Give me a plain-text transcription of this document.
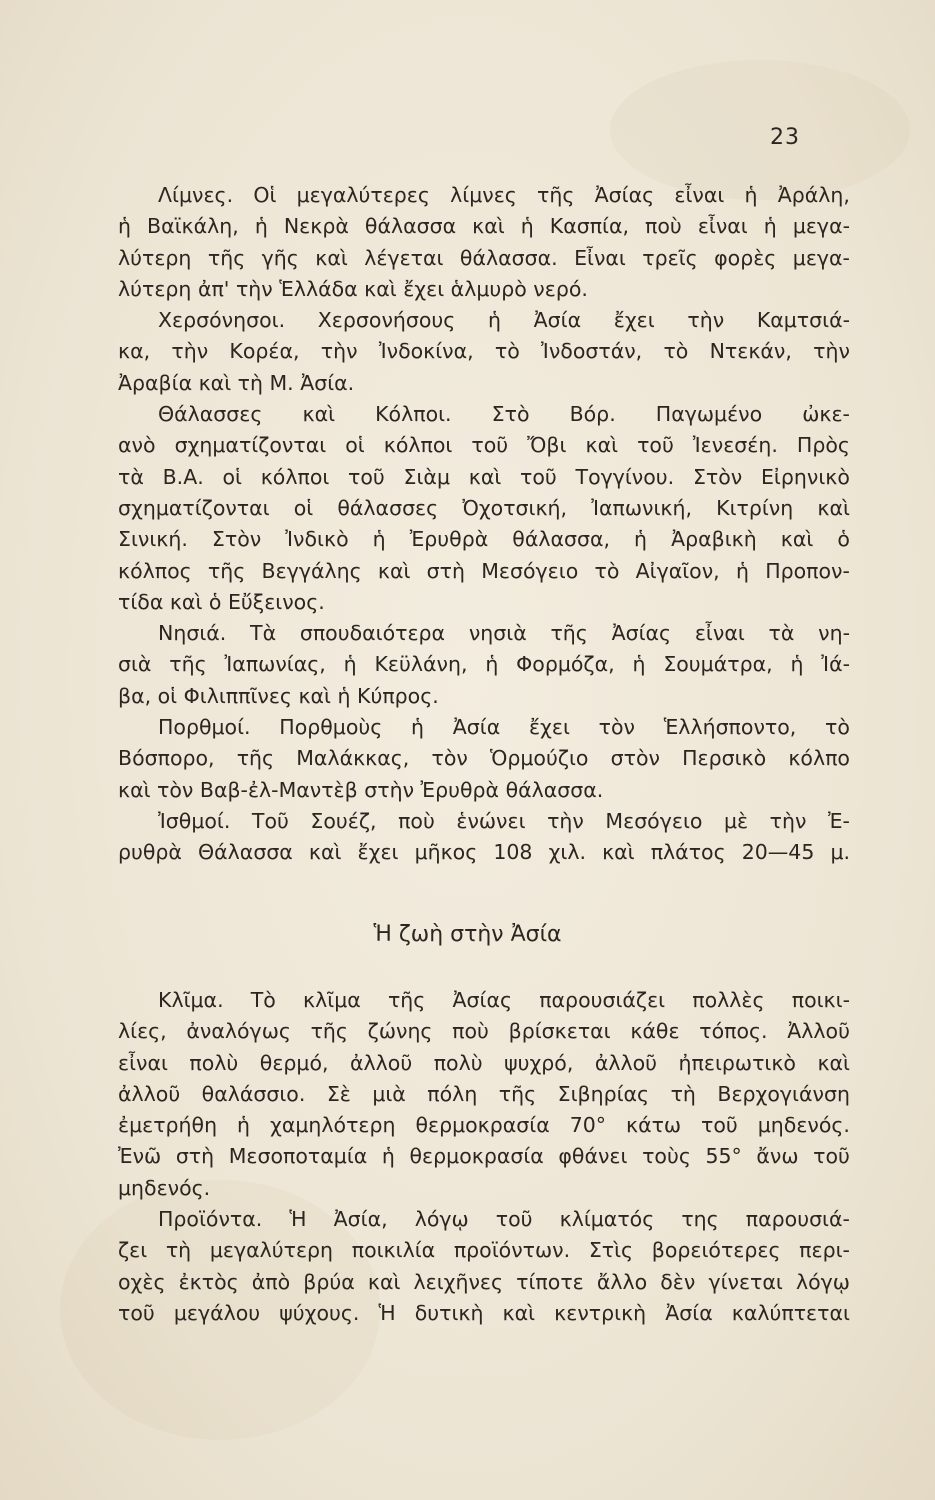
23
Λίμνες. Οἱ μεγαλύτερες λίμνες τῆς Ἀσίας εἶναι ἡ Ἀράλη,
ἡ Βαϊκάλη, ἡ Νεκρὰ θάλασσα καὶ ἡ Κασπία, ποὺ εἶναι ἡ μεγα-
λύτερη τῆς γῆς καὶ λέγεται θάλασσα. Εἶναι τρεῖς φορὲς μεγα-
λύτερη ἀπ' τὴν Ἑλλάδα καὶ ἔχει ἁλμυρὸ νερό.
Χερσόνησοι. Χερσονήσους ἡ Ἀσία ἔχει τὴν Καμτσιά-
κα, τὴν Κορέα, τὴν Ἰνδοκίνα, τὸ Ἰνδοστάν, τὸ Ντεκάν, τὴν
Ἀραβία καὶ τὴ Μ. Ἀσία.
Θάλασσες καὶ Κόλποι. Στὸ Βόρ. Παγωμένο ὠκε-
ανὸ σχηματίζονται οἱ κόλποι τοῦ Ὄβι καὶ τοῦ Ἰενεσέη. Πρὸς
τὰ Β.Α. οἱ κόλποι τοῦ Σιὰμ καὶ τοῦ Τογγίνου. Στὸν Εἰρηνικὸ
σχηματίζονται οἱ θάλασσες Ὀχοτσική, Ἰαπωνική, Κιτρίνη καὶ
Σινική. Στὸν Ἰνδικὸ ἡ Ἐρυθρὰ θάλασσα, ἡ Ἀραβικὴ καὶ ὁ
κόλπος τῆς Βεγγάλης καὶ στὴ Μεσόγειο τὸ Αἰγαῖον, ἡ Προπον-
τίδα καὶ ὁ Εὔξεινος.
Νησιά. Τὰ σπουδαιότερα νησιὰ τῆς Ἀσίας εἶναι τὰ νη-
σιὰ τῆς Ἰαπωνίας, ἡ Κεϋλάνη, ἡ Φορμόζα, ἡ Σουμάτρα, ἡ Ἰά-
βα, οἱ Φιλιππῖνες καὶ ἡ Κύπρος.
Πορθμοί. Πορθμοὺς ἡ Ἀσία ἔχει τὸν Ἑλλήσποντο, τὸ
Βόσπορο, τῆς Μαλάκκας, τὸν Ὁρμούζιο στὸν Περσικὸ κόλπο
καὶ τὸν Βαβ-ἐλ-Μαντὲβ στὴν Ἐρυθρὰ θάλασσα.
Ἰσθμοί. Τοῦ Σουέζ, ποὺ ἑνώνει τὴν Μεσόγειο μὲ τὴν Ἐ-
ρυθρὰ Θάλασσα καὶ ἔχει μῆκος 108 χιλ. καὶ πλάτος 20—45 μ.
Ἡ ζωὴ στὴν Ἀσία
Κλῖμα. Τὸ κλῖμα τῆς Ἀσίας παρουσιάζει πολλὲς ποικι-
λίες, ἀναλόγως τῆς ζώνης ποὺ βρίσκεται κάθε τόπος. Ἀλλοῦ
εἶναι πολὺ θερμό, ἀλλοῦ πολὺ ψυχρό, ἀλλοῦ ἠπειρωτικὸ καὶ
ἀλλοῦ θαλάσσιο. Σὲ μιὰ πόλη τῆς Σιβηρίας τὴ Βερχογιάνση
ἐμετρήθη ἡ χαμηλότερη θερμοκρασία 70° κάτω τοῦ μηδενός.
Ἐνῶ στὴ Μεσοποταμία ἡ θερμοκρασία φθάνει τοὺς 55° ἄνω τοῦ
μηδενός.
Προϊόντα. Ἡ Ἀσία, λόγῳ τοῦ κλίματός της παρουσιά-
ζει τὴ μεγαλύτερη ποικιλία προϊόντων. Στὶς βορειότερες περι-
οχὲς ἐκτὸς ἀπὸ βρύα καὶ λειχῆνες τίποτε ἄλλο δὲν γίνεται λόγῳ
τοῦ μεγάλου ψύχους. Ἡ δυτικὴ καὶ κεντρικὴ Ἀσία καλύπτεται
